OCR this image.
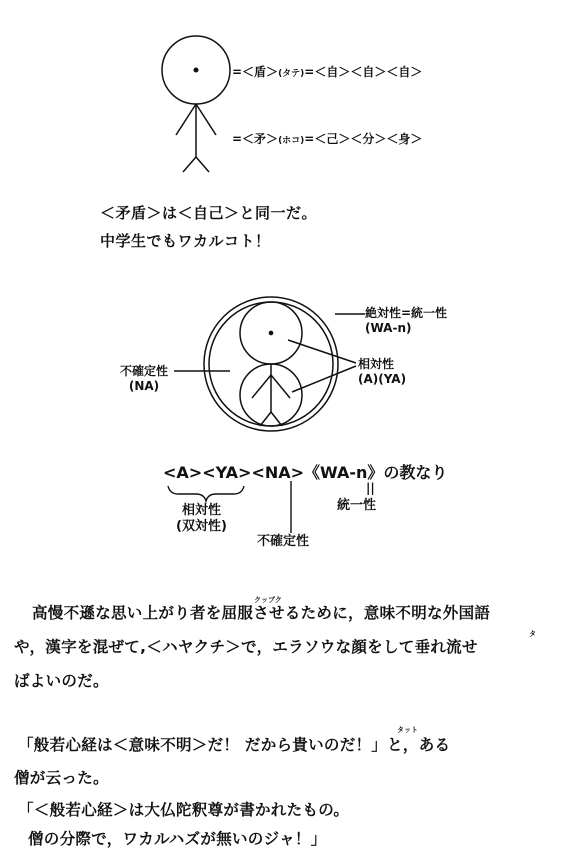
=＜盾＞(タテ)=＜自＞＜自＞＜自＞
=＜矛＞(ホコ)=＜己＞＜分＞＜身＞
＜矛盾＞は＜自己＞と同一だ。
中学生でもワカルコト！
絶対性=統一性
(WA-n)
不確定性
(NA)
相対性
(A)(YA)
<A><YA><NA>《WA-n》の教なり
||
統一性
相対性
(双対性)
不確定性
クップク
高慢不遜な思い上がり者を屈服させるために，意味不明な外国語
タ
や，漢字を混ぜて,＜ハヤクチ＞で，エラソウな顔をして垂れ流せ
ばよいのだ。
タット
「般若心経は＜意味不明＞だ！ だから貴いのだ！」と，ある
僧が云った。
「＜般若心経＞は大仏陀釈尊が書かれたもの。
僧の分際で，ワカルハズが無いのジャ！」
